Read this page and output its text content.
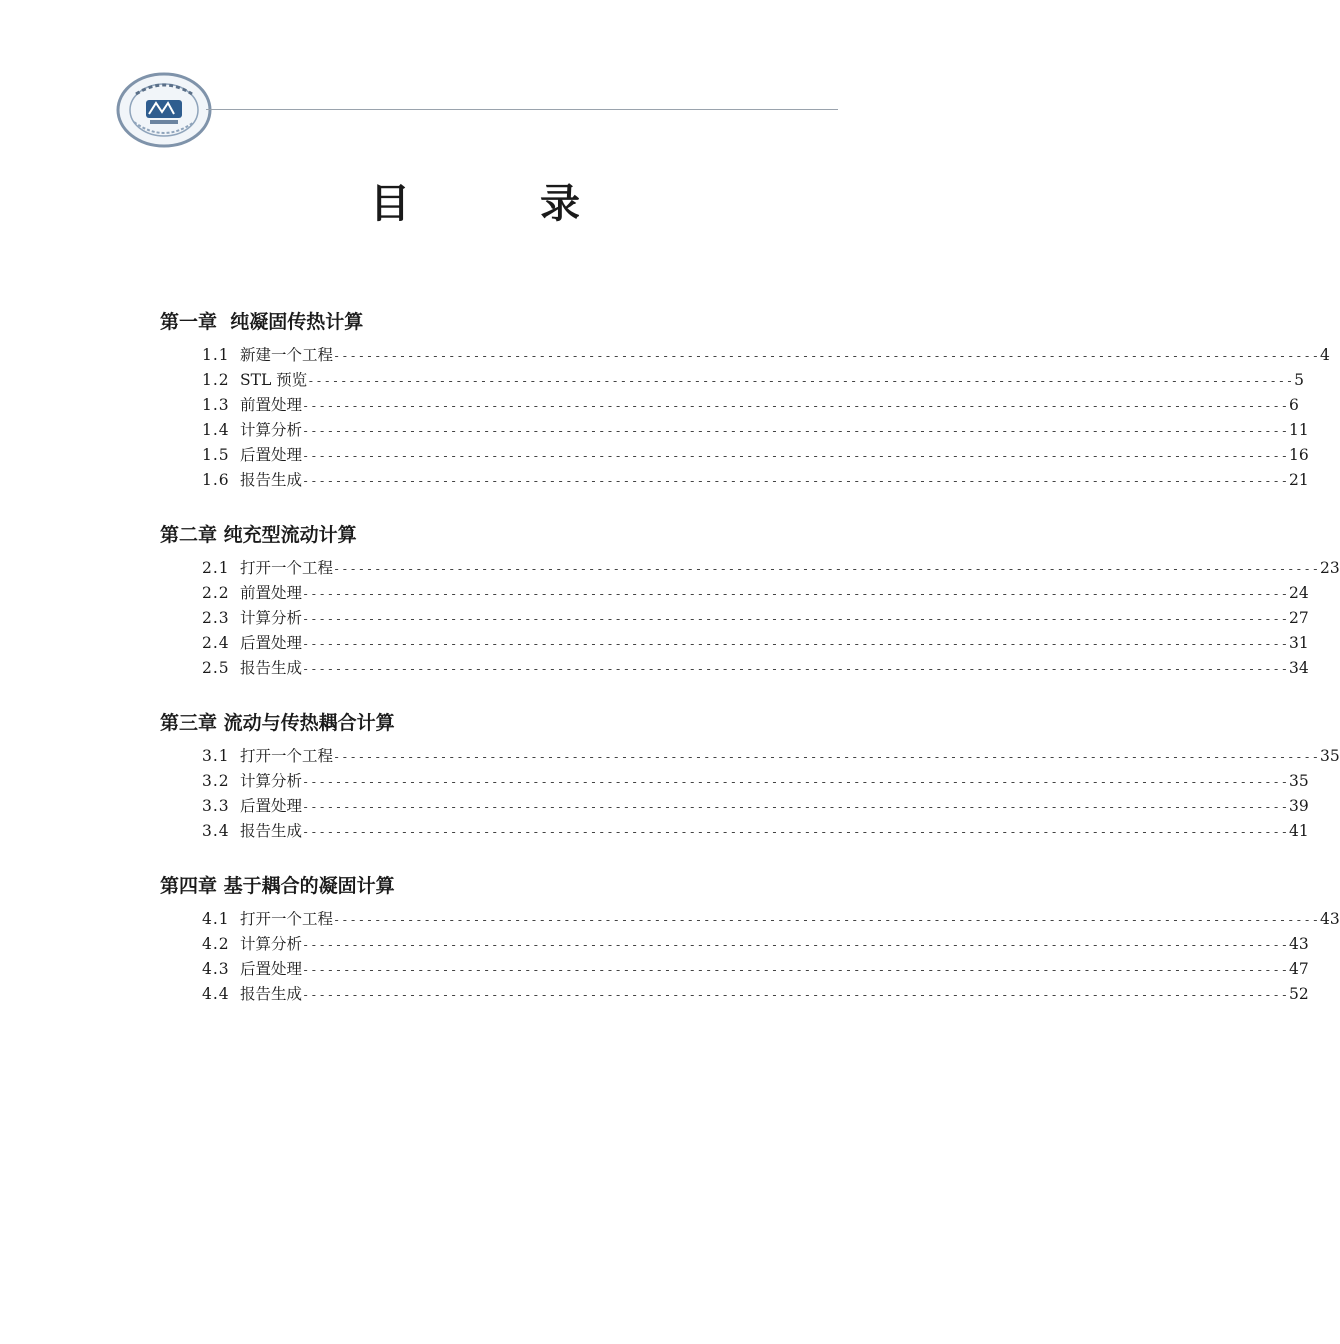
目 录
第一章  纯凝固传热计算
1.1 新建一个工程 ------------------------------------------------------------------------------------------------------------------------ 4
1.2 STL 预览 ------------------------------------------------------------------------------------------------------------------------ 5
1.3 前置处理 ------------------------------------------------------------------------------------------------------------------------ 6
1.4 计算分析 ------------------------------------------------------------------------------------------------------------------------ 11
1.5 后置处理 ------------------------------------------------------------------------------------------------------------------------ 16
1.6 报告生成 ------------------------------------------------------------------------------------------------------------------------ 21
第二章 纯充型流动计算
2.1 打开一个工程 ------------------------------------------------------------------------------------------------------------------------ 23
2.2 前置处理 ------------------------------------------------------------------------------------------------------------------------ 24
2.3 计算分析 ------------------------------------------------------------------------------------------------------------------------ 27
2.4 后置处理 ------------------------------------------------------------------------------------------------------------------------ 31
2.5 报告生成 ------------------------------------------------------------------------------------------------------------------------ 34
第三章 流动与传热耦合计算
3.1 打开一个工程 ------------------------------------------------------------------------------------------------------------------------ 35
3.2 计算分析 ------------------------------------------------------------------------------------------------------------------------ 35
3.3 后置处理 ------------------------------------------------------------------------------------------------------------------------ 39
3.4 报告生成 ------------------------------------------------------------------------------------------------------------------------ 41
第四章 基于耦合的凝固计算
4.1 打开一个工程 ------------------------------------------------------------------------------------------------------------------------ 43
4.2 计算分析 ------------------------------------------------------------------------------------------------------------------------ 43
4.3 后置处理 ------------------------------------------------------------------------------------------------------------------------ 47
4.4 报告生成 ------------------------------------------------------------------------------------------------------------------------ 52
